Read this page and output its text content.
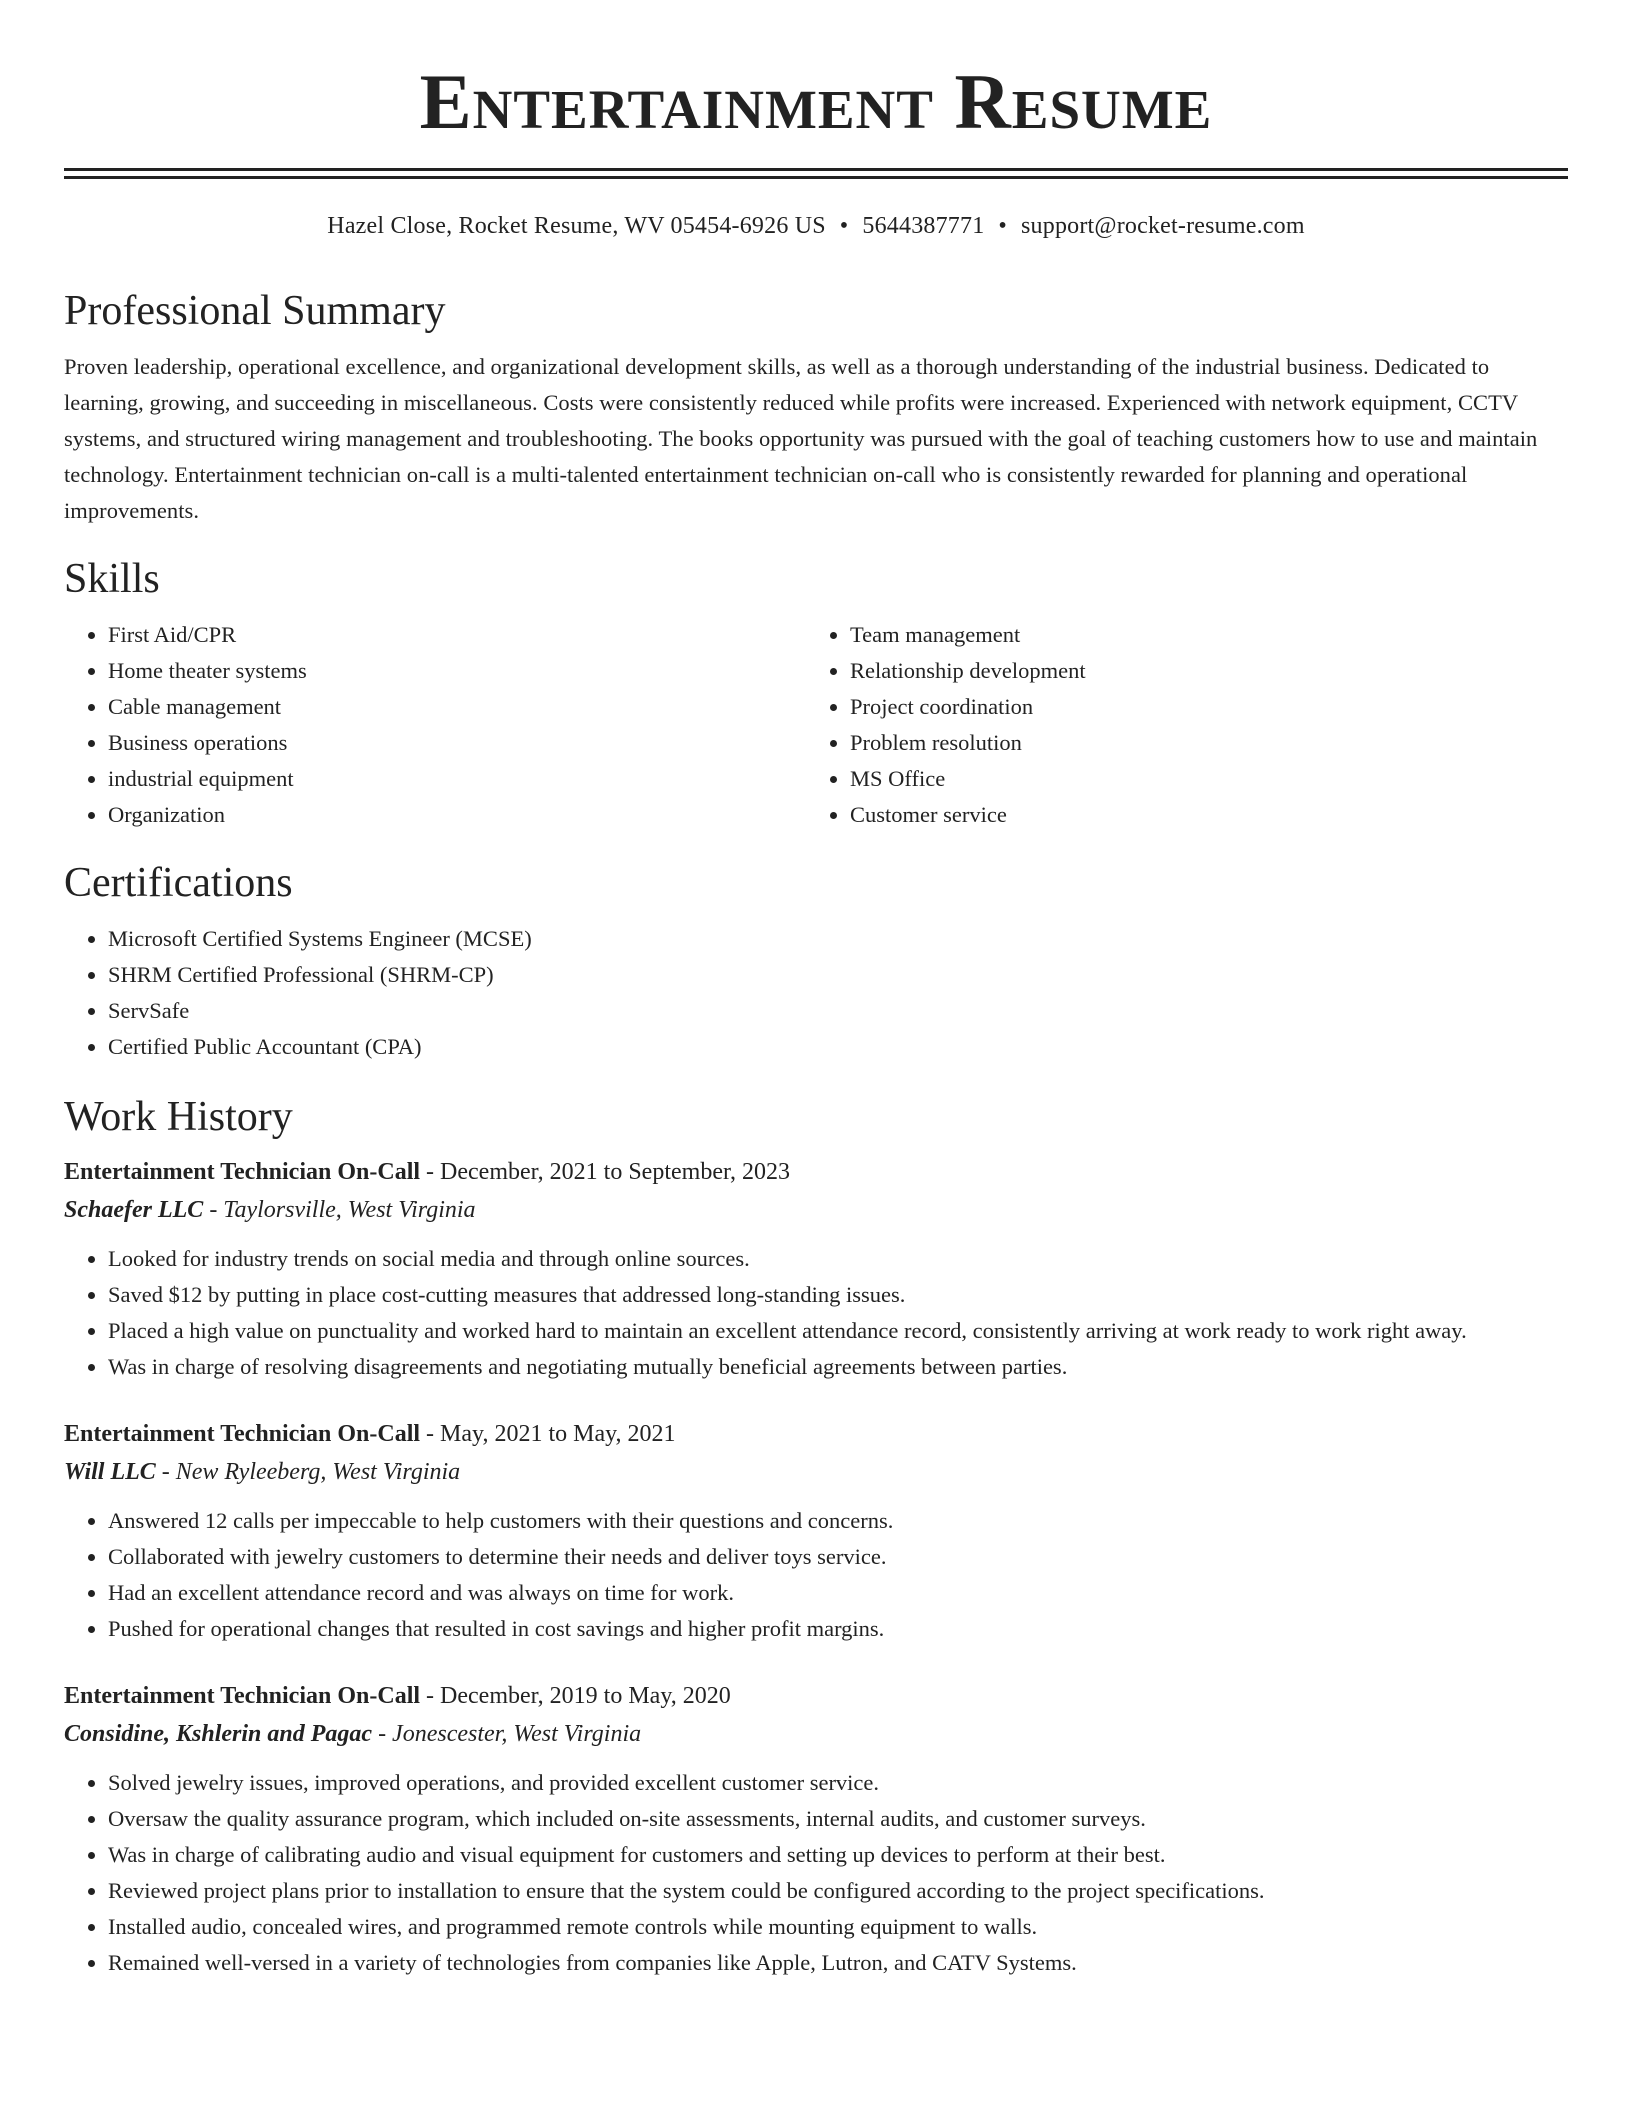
Entertainment Resume
Hazel Close, Rocket Resume, WV 05454-6926 US • 5644387771 • support@rocket-resume.com
Professional Summary
Proven leadership, operational excellence, and organizational development skills, as well as a thorough understanding of the industrial business. Dedicated to learning, growing, and succeeding in miscellaneous. Costs were consistently reduced while profits were increased. Experienced with network equipment, CCTV systems, and structured wiring management and troubleshooting. The books opportunity was pursued with the goal of teaching customers how to use and maintain technology. Entertainment technician on-call is a multi-talented entertainment technician on-call who is consistently rewarded for planning and operational improvements.
Skills
• First Aid/CPR
• Home theater systems
• Cable management
• Business operations
• industrial equipment
• Organization
• Team management
• Relationship development
• Project coordination
• Problem resolution
• MS Office
• Customer service
Certifications
• Microsoft Certified Systems Engineer (MCSE)
• SHRM Certified Professional (SHRM-CP)
• ServSafe
• Certified Public Accountant (CPA)
Work History
Entertainment Technician On-Call - December, 2021 to September, 2023
Schaefer LLC - Taylorsville, West Virginia
• Looked for industry trends on social media and through online sources.
• Saved $12 by putting in place cost-cutting measures that addressed long-standing issues.
• Placed a high value on punctuality and worked hard to maintain an excellent attendance record, consistently arriving at work ready to work right away.
• Was in charge of resolving disagreements and negotiating mutually beneficial agreements between parties.
Entertainment Technician On-Call - May, 2021 to May, 2021
Will LLC - New Ryleeberg, West Virginia
• Answered 12 calls per impeccable to help customers with their questions and concerns.
• Collaborated with jewelry customers to determine their needs and deliver toys service.
• Had an excellent attendance record and was always on time for work.
• Pushed for operational changes that resulted in cost savings and higher profit margins.
Entertainment Technician On-Call - December, 2019 to May, 2020
Considine, Kshlerin and Pagac - Jonescester, West Virginia
• Solved jewelry issues, improved operations, and provided excellent customer service.
• Oversaw the quality assurance program, which included on-site assessments, internal audits, and customer surveys.
• Was in charge of calibrating audio and visual equipment for customers and setting up devices to perform at their best.
• Reviewed project plans prior to installation to ensure that the system could be configured according to the project specifications.
• Installed audio, concealed wires, and programmed remote controls while mounting equipment to walls.
• Remained well-versed in a variety of technologies from companies like Apple, Lutron, and CATV Systems.
